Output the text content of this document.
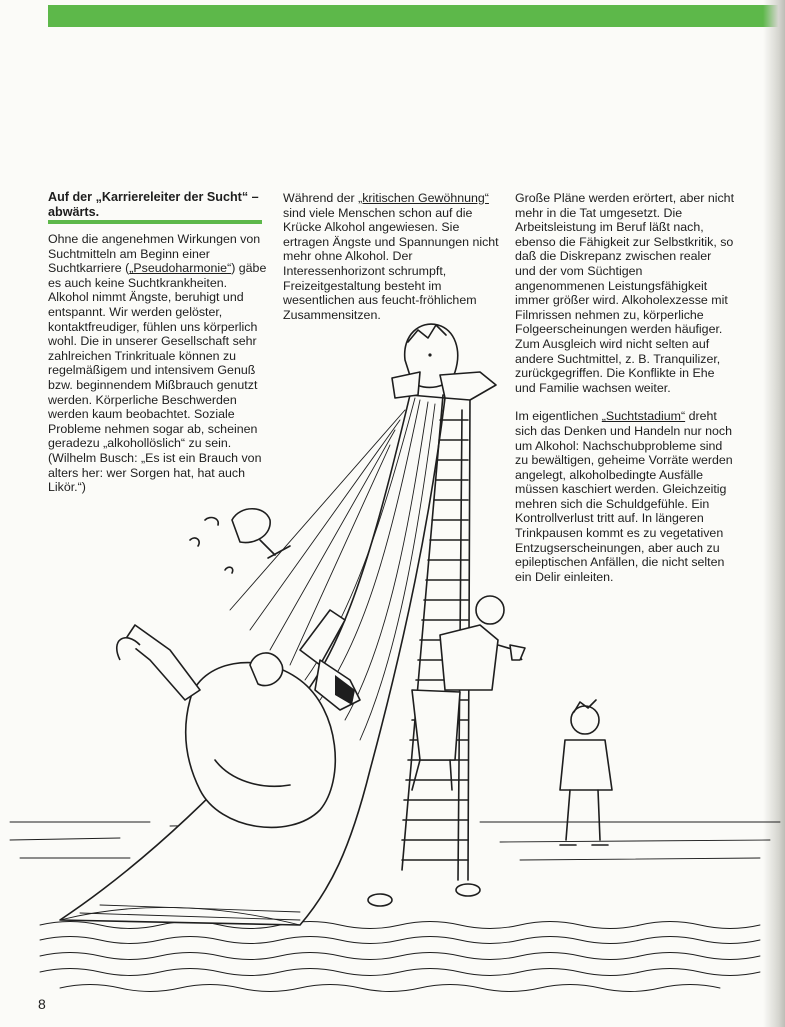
Auf der „Karriereleiter der Sucht“ – abwärts.

Ohne die angenehmen Wirkungen von Suchtmitteln am Beginn einer Suchtkarriere („Pseudoharmonie“) gäbe es auch keine Suchtkrankheiten. Alkohol nimmt Ängste, beruhigt und entspannt. Wir werden gelöster, kontaktfreudiger, fühlen uns körperlich wohl. Die in unserer Gesellschaft sehr zahlreichen Trinkrituale können zu regelmäßigem und intensivem Genuß bzw. beginnendem Mißbrauch genutzt werden. Körperliche Beschwerden werden kaum beobachtet. Soziale Probleme nehmen sogar ab, scheinen geradezu „alkohollöslich“ zu sein. (Wilhelm Busch: „Es ist ein Brauch von alters her: wer Sorgen hat, hat auch Likör.“)

Während der „kritischen Gewöhnung“ sind viele Menschen schon auf die Krücke Alkohol angewiesen. Sie ertragen Ängste und Spannungen nicht mehr ohne Alkohol. Der Interessenhorizont schrumpft, Freizeitgestaltung besteht im wesentlichen aus feucht-fröhlichem Zusammensitzen.

Große Pläne werden erörtert, aber nicht mehr in die Tat umgesetzt. Die Arbeitsleistung im Beruf läßt nach, ebenso die Fähigkeit zur Selbstkritik, so daß die Diskrepanz zwischen realer und der vom Süchtigen angenommenen Leistungsfähigkeit immer größer wird. Alkoholexzesse mit Filmrissen nehmen zu, körperliche Folgeerscheinungen werden häufiger. Zum Ausgleich wird nicht selten auf andere Suchtmittel, z. B. Tranquilizer, zurückgegriffen. Die Konflikte in Ehe und Familie wachsen weiter.

Im eigentlichen „Suchtstadium“ dreht sich das Denken und Handeln nur noch um Alkohol: Nachschubprobleme sind zu bewältigen, geheime Vorräte werden angelegt, alkoholbedingte Ausfälle müssen kaschiert werden. Gleichzeitig mehren sich die Schuldgefühle. Ein Kontrollverlust tritt auf. In längeren Trinkpausen kommt es zu vegetativen Entzugserscheinungen, aber auch zu epileptischen Anfällen, die nicht selten ein Delir einleiten.

8
